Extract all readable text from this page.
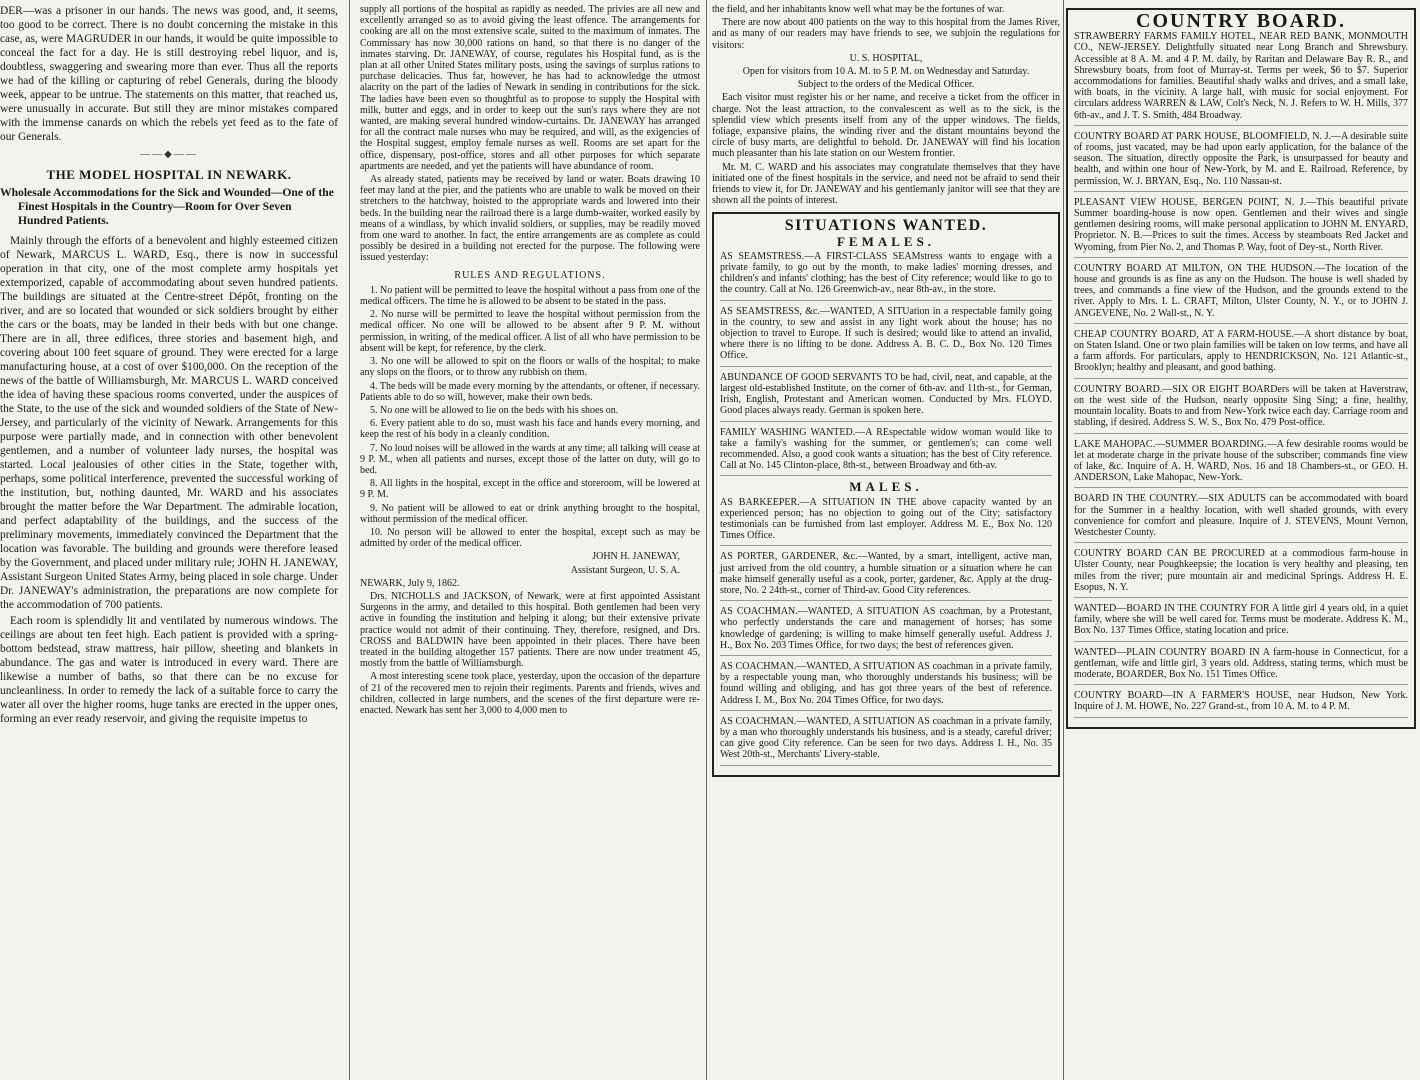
DER—was a prisoner in our hands. The news was good, and, it seems, too good to be correct. There is no doubt concerning the mistake in this case, as, were MAGRUDER in our hands, it would be quite impossible to conceal the fact for a day. He is still destroying rebel liquor, and is, doubtless, swaggering and swearing more than ever. Thus all the reports we had of the killing or capturing of rebel Generals, during the bloody week, appear to be untrue. The statements on this matter, that reached us, were unusually in accurate. But still they are minor mistakes compared with the immense canards on which the rebels yet feed as to the fate of our Generals.

——◆——
THE MODEL HOSPITAL IN NEWARK.

Wholesale Accommodations for the Sick and Wounded—One of the Finest Hospitals in the Country—Room for Over Seven Hundred Patients.

Mainly through the efforts of a benevolent and highly esteemed citizen of Newark, MARCUS L. WARD, Esq., there is now in successful operation in that city, one of the most complete army hospitals yet extemporized, capable of accommodating about seven hundred patients. The buildings are situated at the Centre-street Dépôt, fronting on the river, and are so located that wounded or sick soldiers brought by either the cars or the boats, may be landed in their beds with but one change. There are in all, three edifices, three stories and basement high, and covering about 100 feet square of ground. They were erected for a large manufacturing house, at a cost of over $100,000. On the reception of the news of the battle of Williamsburgh, Mr. MARCUS L. WARD conceived the idea of having these spacious rooms converted, under the auspices of the State, to the use of the sick and wounded soldiers of the State of New-Jersey, and particularly of the vicinity of Newark. Arrangements for this purpose were partially made, and in connection with other benevolent gentlemen, and a number of volunteer lady nurses, the hospital was started. Local jealousies of other cities in the State, together with, perhaps, some political interference, prevented the successful working of the institution, but, nothing daunted, Mr. WARD and his associates brought the matter before the War Department. The admirable location, and perfect adaptability of the buildings, and the success of the preliminary movements, immediately convinced the Department that the location was favorable. The building and grounds were therefore leased by the Government, and placed under military rule; JOHN H. JANEWAY, Assistant Surgeon United States Army, being placed in sole charge. Under Dr. JANEWAY's administration, the preparations are now complete for the accommodation of 700 patients.

Each room is splendidly lit and ventilated by numerous windows. The ceilings are about ten feet high. Each patient is provided with a spring-bottom bedstead, straw mattress, hair pillow, sheeting and blankets in abundance. The gas and water is introduced in every ward. There are likewise a number of baths, so that there can be no excuse for uncleanliness. In order to remedy the lack of a suitable force to carry the water all over the higher rooms, huge tanks are erected in the upper ones, forming an ever ready reservoir, and giving the requisite impetus to

supply all portions of the hospital as rapidly as needed. The privies are all new and excellently arranged so as to avoid giving the least offence. The arrangements for cooking are all on the most extensive scale, suited to the maximum of inmates. The Commissary has now 30,000 rations on hand, so that there is no danger of the inmates starving. Dr. JANEWAY, of course, regulates his Hospital fund, as is the plan at all other United States military posts, using the savings of surplus rations to purchase delicacies. Thus far, however, he has had to acknowledge the utmost alacrity on the part of the ladies of Newark in sending in contributions for the sick. The ladies have been even so thoughtful as to propose to supply the Hospital with milk, butter and eggs, and in order to keep out the sun's rays where they are not wanted, are making several hundred window-curtains. Dr. JANEWAY has arranged for all the contract male nurses who may be required, and will, as the exigencies of the Hospital suggest, employ female nurses as well. Rooms are set apart for the office, dispensary, post-office, stores and all other purposes for which separate apartments are needed, and yet the patients will have abundance of room.

As already stated, patients may be received by land or water. Boats drawing 10 feet may land at the pier, and the patients who are unable to walk be moved on their stretchers to the hatchway, hoisted to the appropriate wards and lowered into their beds. In the building near the railroad there is a large dumb-waiter, worked easily by means of a windlass, by which invalid soldiers, or supplies, may be readily moved from one ward to another. In fact, the entire arrangements are as complete as could possibly be desired in a building not erected for the purpose. The following were issued yesterday:

RULES AND REGULATIONS.

1. No patient will be permitted to leave the hospital without a pass from one of the medical officers. The time he is allowed to be absent to be stated in the pass.

2. No nurse will be permitted to leave the hospital without permission from the medical officer. No one will be allowed to be absent after 9 P. M. without permission, in writing, of the medical officer. A list of all who have permission to be absent will be kept, for reference, by the clerk.

3. No one will be allowed to spit on the floors or walls of the hospital; to make any slops on the floors, or to throw any rubbish on them.

4. The beds will be made every morning by the attendants, or oftener, if necessary. Patients able to do so will, however, make their own beds.

5. No one will be allowed to lie on the beds with his shoes on.

6. Every patient able to do so, must wash his face and hands every morning, and keep the rest of his body in a cleanly condition.

7. No loud noises will be allowed in the wards at any time; all talking will cease at 9 P. M., when all patients and nurses, except those of the latter on duty, will go to bed.

8. All lights in the hospital, except in the office and storeroom, will be lowered at 9 P. M.

9. No patient will be allowed to eat or drink anything brought to the hospital, without permission of the medical officer.

10. No person will be allowed to enter the hospital, except such as may be admitted by order of the medical officer.

JOHN H. JANEWAY,

Assistant Surgeon, U. S. A.

NEWARK, July 9, 1862.

Drs. NICHOLLS and JACKSON, of Newark, were at first appointed Assistant Surgeons in the army, and detailed to this hospital. Both gentlemen had been very active in founding the institution and helping it along; but their extensive private practice would not admit of their continuing. They, therefore, resigned, and Drs. CROSS and BALDWIN have been appointed in their places. There have been treated in the building altogether 157 patients. There are now under treatment 45, mostly from the battle of Williamsburgh.

A most interesting scene took place, yesterday, upon the occasion of the departure of 21 of the recovered men to rejoin their regiments. Parents and friends, wives and children, collected in large numbers, and the scenes of the first departure were re-enacted. Newark has sent her 3,000 to 4,000 men to

the field, and her inhabitants know well what may be the fortunes of war.

There are now about 400 patients on the way to this hospital from the James River, and as many of our readers may have friends to see, we subjoin the regulations for visitors:

U. S. HOSPITAL,

Open for visitors from 10 A. M. to 5 P. M. on Wednesday and Saturday.

Subject to the orders of the Medical Officer.

Each visitor must register his or her name, and receive a ticket from the officer in charge. Not the least attraction, to the convalescent as well as to the sick, is the splendid view which presents itself from any of the upper windows. The fields, foliage, expansive plains, the winding river and the distant mountains beyond the circle of busy marts, are delightful to behold. Dr. JANEWAY will find his location much pleasanter than his late station on our Western frontier.

Mr. M. C. WARD and his associates may congratulate themselves that they have initiated one of the finest hospitals in the service, and need not be afraid to send their friends to view it, for Dr. JANEWAY and his gentlemanly janitor will see that they are shown all the points of interest.

SITUATIONS WANTED.
FEMALES.

AS SEAMSTRESS.—A FIRST-CLASS SEAMstress wants to engage with a private family, to go out by the month, to make ladies' morning dresses, and children's and infants' clothing; has the best of City reference; would like to go to the country. Call at No. 126 Greenwich-av., near 8th-av., in the store.

AS SEAMSTRESS, &c.—WANTED, A SITUation in a respectable family going in the country, to sew and assist in any light work about the house; has no objection to travel to Europe. If such is desired; would like to attend an invalid, where there is no lifting to be done. Address A. B. C. D., Box No. 120 Times Office.

ABUNDANCE OF GOOD SERVANTS TO be had, civil, neat, and capable, at the largest old-established Institute, on the corner of 6th-av. and 11th-st., for German, Irish, English, Protestant and American women. Conducted by Mrs. FLOYD. Good places always ready. German is spoken here.

FAMILY WASHING WANTED.—A REspectable widow woman would like to take a family's washing for the summer, or gentlemen's; can come well recommended. Also, a good cook wants a situation; has the best of City reference. Call at No. 145 Clinton-place, 8th-st., between Broadway and 6th-av.

MALES.

AS BARKEEPER.—A SITUATION IN THE above capacity wanted by an experienced person; has no objection to going out of the City; satisfactory testimonials can be furnished from last employer. Address M. E., Box No. 120 Times Office.

AS PORTER, GARDENER, &c.—Wanted, by a smart, intelligent, active man, just arrived from the old country, a humble situation or a situation where he can make himself generally useful as a cook, porter, gardener, &c. Apply at the drug-store, No. 2 24th-st., corner of Third-av. Good City references.

AS COACHMAN.—WANTED, A SITUATION AS coachman, by a Protestant, who perfectly understands the care and management of horses; has some knowledge of gardening; is willing to make himself generally useful. Address J. H., Box No. 203 Times Office, for two days; the best of references given.

AS COACHMAN.—WANTED, A SITUATION AS coachman in a private family, by a respectable young man, who thoroughly understands his business; will be found willing and obliging, and has got three years of the best of reference. Address I. M., Box No. 204 Times Office, for two days.

AS COACHMAN.—WANTED, A SITUATION AS coachman in a private family, by a man who thoroughly understands his business, and is a steady, careful driver; can give good City reference. Can be seen for two days. Address I. H., No. 35 West 20th-st., Merchants' Livery-stable.

COUNTRY BOARD.

STRAWBERRY FARMS FAMILY HOTEL, NEAR RED BANK, MONMOUTH CO., NEW-JERSEY. Delightfully situated near Long Branch and Shrewsbury. Accessible at 8 A. M. and 4 P. M. daily, by Raritan and Delaware Bay R. R., and Shrewsbury boats, from foot of Murray-st. Terms per week, $6 to $7. Superior accommodations for families. Beautiful shady walks and drives, and a small lake, with boats, in the vicinity. A large hall, with music for social enjoyment. For circulars address WARREN & LAW, Colt's Neck, N. J. Refers to W. H. Mills, 377 6th-av., and J. T. S. Smith, 484 Broadway.

COUNTRY BOARD AT PARK HOUSE, BLOOMFIELD, N. J.—A desirable suite of rooms, just vacated, may be had upon early application, for the balance of the season. The situation, directly opposite the Park, is unsurpassed for beauty and health, and within one hour of New-York, by M. and E. Railroad. Reference, by permission, W. J. BRYAN, Esq., No. 110 Nassau-st.

PLEASANT VIEW HOUSE, BERGEN POINT, N. J.—This beautiful private Summer boarding-house is now open. Gentlemen and their wives and single gentlemen desiring rooms, will make personal application to JOHN M. ENYARD, Proprietor. N. B.—Prices to suit the times. Access by steamboats Red Jacket and Wyoming, from Pier No. 2, and Thomas P. Way, foot of Dey-st., North River.

COUNTRY BOARD AT MILTON, ON THE HUDSON.—The location of the house and grounds is as fine as any on the Hudson. The house is well shaded by trees, and commands a fine view of the Hudson, and the grounds extend to the river. Apply to Mrs. I. L. CRAFT, Milton, Ulster County, N. Y., or to JOHN J. ANGEVENE, No. 2 Wall-st., N. Y.

CHEAP COUNTRY BOARD, AT A FARM-HOUSE.—A short distance by boat, on Staten Island. One or two plain families will be taken on low terms, and have all a farm affords. For particulars, apply to HENDRICKSON, No. 121 Atlantic-st., Brooklyn; healthy and pleasant, and good bathing.

COUNTRY BOARD.—SIX OR EIGHT BOARDers will be taken at Haverstraw, on the west side of the Hudson, nearly opposite Sing Sing; a fine, healthy, mountain locality. Boats to and from New-York twice each day. Carriage room and stabling, if desired. Address S. W. S., Box No. 479 Post-office.

LAKE MAHOPAC.—SUMMER BOARDING.—A few desirable rooms would be let at moderate charge in the private house of the subscriber; commands fine view of lake, &c. Inquire of A. H. WARD, Nos. 16 and 18 Chambers-st., or GEO. H. ANDERSON, Lake Mahopac, New-York.

BOARD IN THE COUNTRY.—SIX ADULTS can be accommodated with board for the Summer in a healthy location, with well shaded grounds, with every convenience for comfort and pleasure. Inquire of J. STEVENS, Mount Vernon, Westchester County.

COUNTRY BOARD CAN BE PROCURED at a commodious farm-house in Ulster County, near Poughkeepsie; the location is very healthy and pleasing, ten miles from the river; pure mountain air and medicinal Springs. Address H. E. Esopus, N. Y.

WANTED—BOARD IN THE COUNTRY FOR A little girl 4 years old, in a quiet family, where she will be well cared for. Terms must be moderate. Address K. M., Box No. 137 Times Office, stating location and price.

WANTED—PLAIN COUNTRY BOARD IN A farm-house in Connecticut, for a gentleman, wife and little girl, 3 years old. Address, stating terms, which must be moderate, BOARDER, Box No. 151 Times Office.

COUNTRY BOARD—IN A FARMER'S HOUSE, near Hudson, New York. Inquire of J. M. HOWE, No. 227 Grand-st., from 10 A. M. to 4 P. M.
